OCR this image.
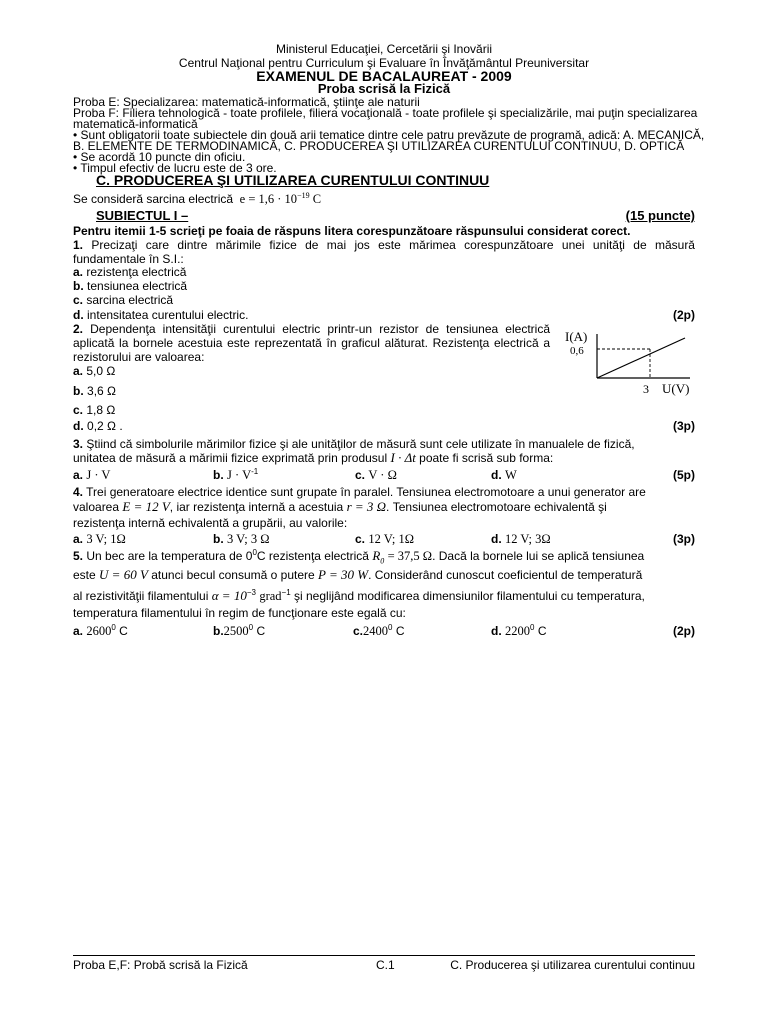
Ministerul Educaţiei, Cercetării şi Inovării
Centrul Naţional pentru Curriculum şi Evaluare în Învăţământul Preuniversitar
EXAMENUL DE BACALAUREAT - 2009
Proba scrisă la Fizică
Proba E: Specializarea: matematică-informatică, ştiinţe ale naturii
Proba F: Filiera tehnologică - toate profilele, filiera vocaţională - toate profilele şi specializările, mai puţin specializarea
matematică-informatică
• Sunt obligatorii toate subiectele din două arii tematice dintre cele patru prevăzute de programă, adică: A. MECANICĂ,
B. ELEMENTE DE TERMODINAMICĂ, C. PRODUCEREA ŞI UTILIZAREA CURENTULUI CONTINUU, D. OPTICĂ
• Se acordă 10 puncte din oficiu.
• Timpul efectiv de lucru este de 3 ore.
C. PRODUCEREA ŞI UTILIZAREA CURENTULUI CONTINUU
Se consideră sarcina electrică $e = 1,6 \cdot 10^{-19}$ C
SUBIECTUL I –	(15 puncte)
Pentru itemii 1-5 scrieţi pe foaia de răspuns litera corespunzătoare răspunsului considerat corect.
1. Precizaţi care dintre mărimile fizice de mai jos este mărimea corespunzătoare unei unităţi de măsură fundamentale în S.I.:
a. rezistenţa electrică
b. tensiunea electrică
c. sarcina electrică
d. intensitatea curentului electric.	(2p)
2. Dependenţa intensităţii curentului electric printr-un rezistor de tensiunea electrică aplicată la bornele acestuia este reprezentată în graficul alăturat. Rezistenţa electrică a rezistorului are valoarea:
a. 5,0 Ω
b. 3,6 Ω
c. 1,8 Ω
d. 0,2 Ω .	(3p)
I(A)
0,6
3 U(V)
3. Ştiind că simbolurile mărimilor fizice şi ale unităţilor de măsură sunt cele utilizate în manualele de fizică,
unitatea de măsură a mărimii fizice exprimată prin produsul I · Δt poate fi scrisă sub forma:
a. J · V	b. $J \cdot V^{-1}$	c. V · Ω	d. W	(5p)
4. Trei generatoare electrice identice sunt grupate în paralel. Tensiunea electromotoare a unui generator are
valoarea E = 12 V, iar rezistenţa internă a acestuia r = 3 Ω. Tensiunea electromotoare echivalentă şi
rezistenţa internă echivalentă a grupării, au valorile:
a. 3 V; 1Ω	b. 3 V; 3 Ω	c. 12 V; 1Ω	d. 12 V; 3Ω	(3p)
5. Un bec are la temperatura de $0^0C$ rezistenţa electrică $R_0 = 37,5$ Ω. Dacă la bornele lui se aplică tensiunea
este U = 60 V atunci becul consumă o putere P = 30 W. Considerând cunoscut coeficientul de temperatură
al rezistivităţii filamentului $\alpha = 10^{-3}$ grad$^{-1}$ şi neglijând modificarea dimensiunilor filamentului cu temperatura,
temperatura filamentului în regim de funcţionare este egală cu:
a. 2600$^0$ C	b.2500$^0$ C	c.2400$^0$ C	d. 2200$^0$ C	(2p)
Proba E,F: Probă scrisă la Fizică	C.1	C. Producerea şi utilizarea curentului continuu
